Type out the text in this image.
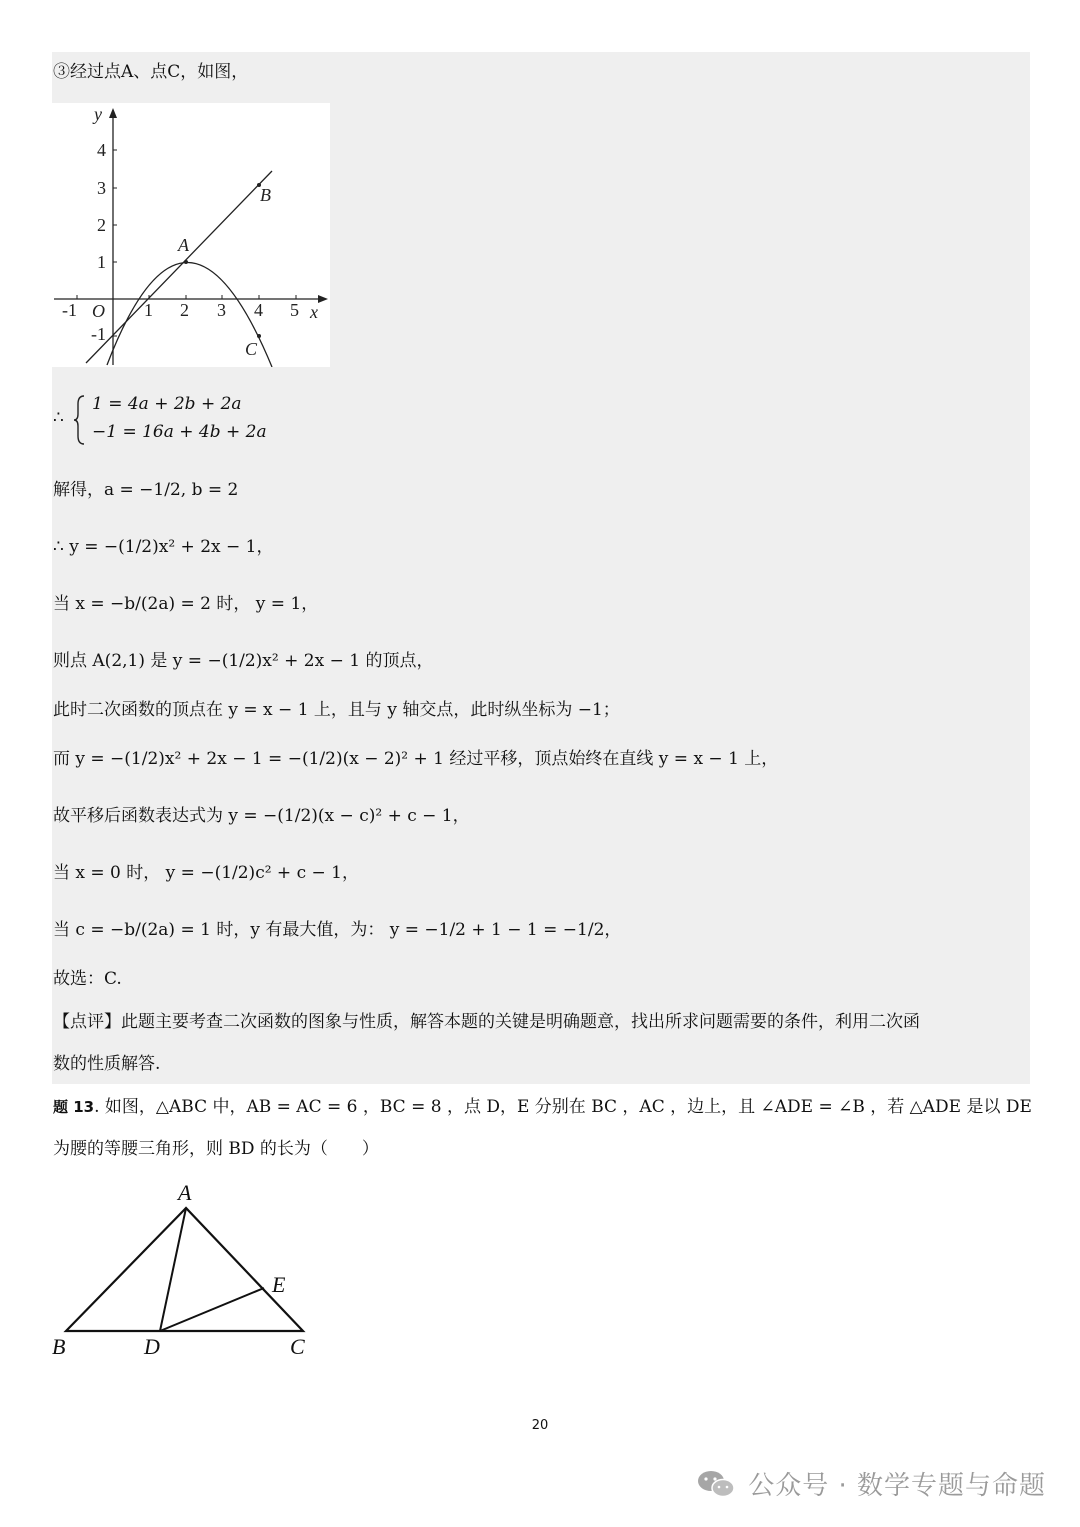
③经过点A、点C，如图，
y
x
O
4
3
2
1
-1
-1	1 2 3 4 5
A
B
C
∴
1 = 4a + 2b + 2a
−1 = 16a + 4b + 2a
解得，a = −1/2, b = 2
∴ y = −(1/2)x² + 2x − 1，
当 x = −b/(2a) = 2 时， y = 1，
则点 A(2,1) 是 y = −(1/2)x² + 2x − 1 的顶点，
此时二次函数的顶点在 y = x − 1 上，且与 y 轴交点，此时纵坐标为 −1；
而 y = −(1/2)x² + 2x − 1 = −(1/2)(x − 2)² + 1 经过平移，顶点始终在直线 y = x − 1 上，
故平移后函数表达式为 y = −(1/2)(x − c)² + c − 1，
当 x = 0 时， y = −(1/2)c² + c − 1，
当 c = −b/(2a) = 1 时，y 有最大值，为： y = −1/2 + 1 − 1 = −1/2，
故选：C.
【点评】此题主要考查二次函数的图象与性质，解答本题的关键是明确题意，找出所求问题需要的条件，利用二次函
数的性质解答.
题 13. 如图，△ABC 中，AB = AC = 6 ，BC = 8 ，点 D，E 分别在 BC ，AC ，边上，且 ∠ADE = ∠B ，若 △ADE 是以 DE
为腰的等腰三角形，则 BD 的长为（　　）
A
B	C
D
E
20
公众号 · 数学专题与命题
